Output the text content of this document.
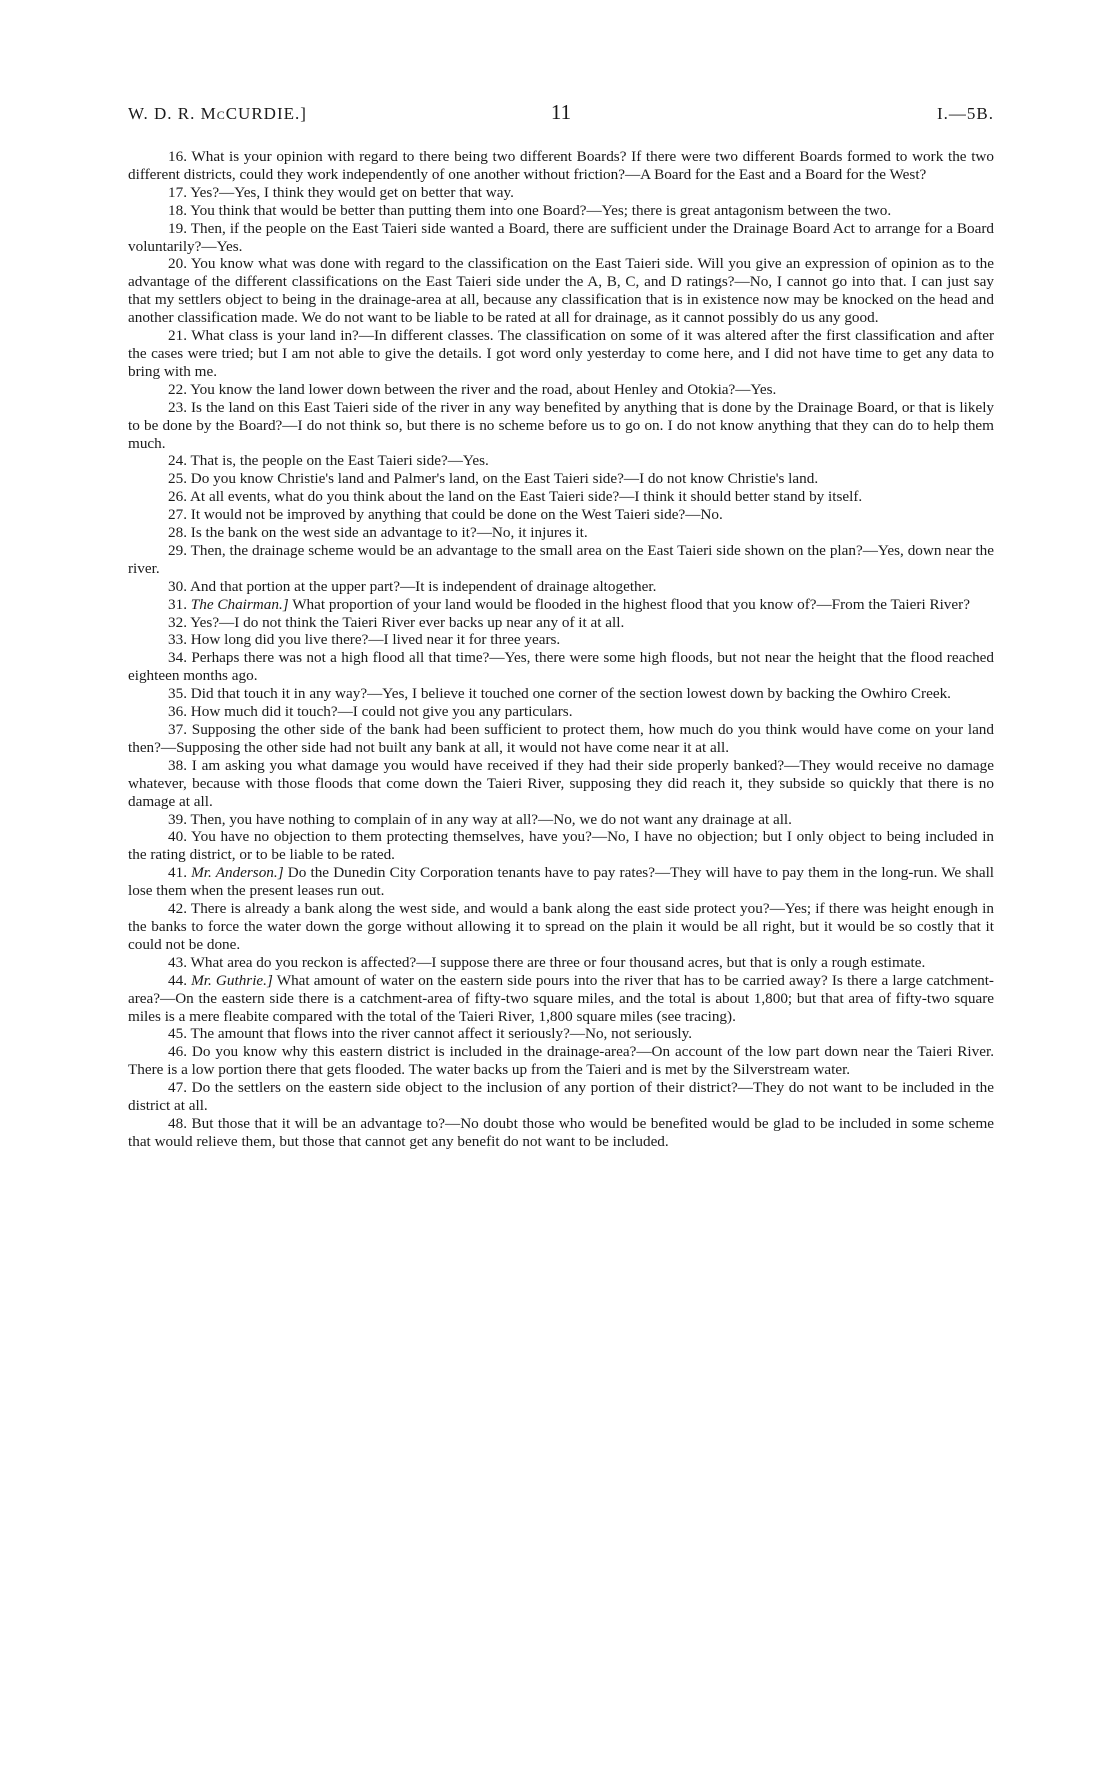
W. D. R. McCURDIE.]	11	I.—5B.

16. What is your opinion with regard to there being two different Boards? If there were two different Boards formed to work the two different districts, could they work independently of one another without friction?—A Board for the East and a Board for the West?

17. Yes?—Yes, I think they would get on better that way.

18. You think that would be better than putting them into one Board?—Yes; there is great antagonism between the two.

19. Then, if the people on the East Taieri side wanted a Board, there are sufficient under the Drainage Board Act to arrange for a Board voluntarily?—Yes.

20. You know what was done with regard to the classification on the East Taieri side. Will you give an expression of opinion as to the advantage of the different classifications on the East Taieri side under the A, B, C, and D ratings?—No, I cannot go into that. I can just say that my settlers object to being in the drainage-area at all, because any classification that is in existence now may be knocked on the head and another classification made. We do not want to be liable to be rated at all for drainage, as it cannot possibly do us any good.

21. What class is your land in?—In different classes. The classification on some of it was altered after the first classification and after the cases were tried; but I am not able to give the details. I got word only yesterday to come here, and I did not have time to get any data to bring with me.

22. You know the land lower down between the river and the road, about Henley and Otokia?—Yes.

23. Is the land on this East Taieri side of the river in any way benefited by anything that is done by the Drainage Board, or that is likely to be done by the Board?—I do not think so, but there is no scheme before us to go on. I do not know anything that they can do to help them much.

24. That is, the people on the East Taieri side?—Yes.

25. Do you know Christie's land and Palmer's land, on the East Taieri side?—I do not know Christie's land.

26. At all events, what do you think about the land on the East Taieri side?—I think it should better stand by itself.

27. It would not be improved by anything that could be done on the West Taieri side?—No.

28. Is the bank on the west side an advantage to it?—No, it injures it.

29. Then, the drainage scheme would be an advantage to the small area on the East Taieri side shown on the plan?—Yes, down near the river.

30. And that portion at the upper part?—It is independent of drainage altogether.

31. The Chairman.] What proportion of your land would be flooded in the highest flood that you know of?—From the Taieri River?

32. Yes?—I do not think the Taieri River ever backs up near any of it at all.

33. How long did you live there?—I lived near it for three years.

34. Perhaps there was not a high flood all that time?—Yes, there were some high floods, but not near the height that the flood reached eighteen months ago.

35. Did that touch it in any way?—Yes, I believe it touched one corner of the section lowest down by backing the Owhiro Creek.

36. How much did it touch?—I could not give you any particulars.

37. Supposing the other side of the bank had been sufficient to protect them, how much do you think would have come on your land then?—Supposing the other side had not built any bank at all, it would not have come near it at all.

38. I am asking you what damage you would have received if they had their side properly banked?—They would receive no damage whatever, because with those floods that come down the Taieri River, supposing they did reach it, they subside so quickly that there is no damage at all.

39. Then, you have nothing to complain of in any way at all?—No, we do not want any drainage at all.

40. You have no objection to them protecting themselves, have you?—No, I have no objection; but I only object to being included in the rating district, or to be liable to be rated.

41. Mr. Anderson.] Do the Dunedin City Corporation tenants have to pay rates?—They will have to pay them in the long-run. We shall lose them when the present leases run out.

42. There is already a bank along the west side, and would a bank along the east side protect you?—Yes; if there was height enough in the banks to force the water down the gorge without allowing it to spread on the plain it would be all right, but it would be so costly that it could not be done.

43. What area do you reckon is affected?—I suppose there are three or four thousand acres, but that is only a rough estimate.

44. Mr. Guthrie.] What amount of water on the eastern side pours into the river that has to be carried away? Is there a large catchment-area?—On the eastern side there is a catchment-area of fifty-two square miles, and the total is about 1,800; but that area of fifty-two square miles is a mere fleabite compared with the total of the Taieri River, 1,800 square miles (see tracing).

45. The amount that flows into the river cannot affect it seriously?—No, not seriously.

46. Do you know why this eastern district is included in the drainage-area?—On account of the low part down near the Taieri River. There is a low portion there that gets flooded. The water backs up from the Taieri and is met by the Silverstream water.

47. Do the settlers on the eastern side object to the inclusion of any portion of their district?—They do not want to be included in the district at all.

48. But those that it will be an advantage to?—No doubt those who would be benefited would be glad to be included in some scheme that would relieve them, but those that cannot get any benefit do not want to be included.
